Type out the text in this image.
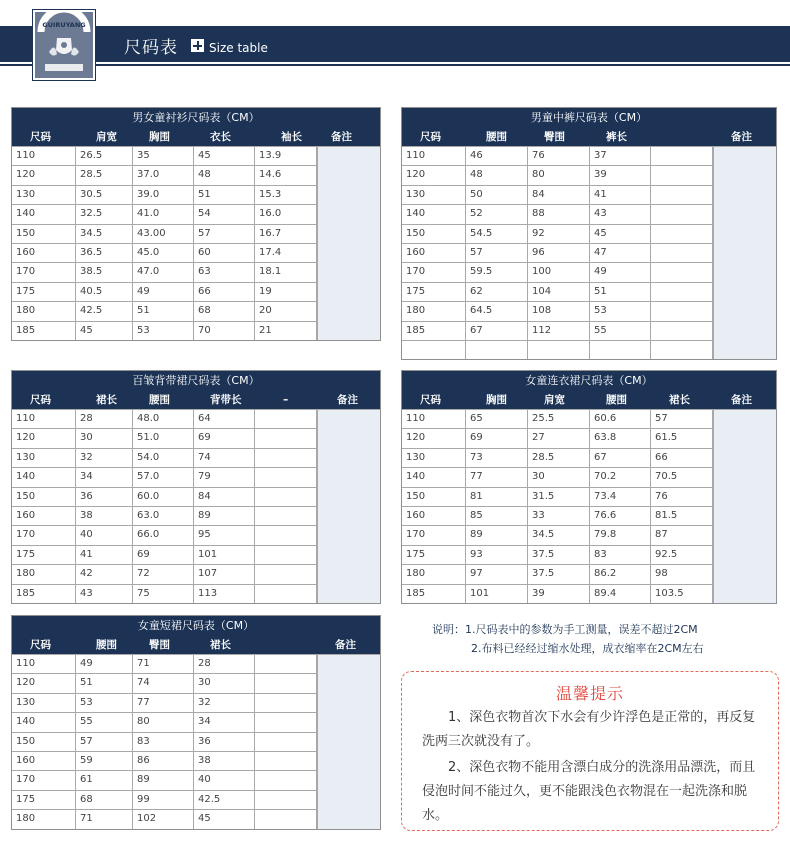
GUIRUYANG
尺码表	Size table
男女童衬衫尺码表（CM）
尺码	肩宽	胸围	衣长	袖长	备注
110	26.5	35	45	13.9
120	28.5	37.0	48	14.6
130	30.5	39.0	51	15.3
140	32.5	41.0	54	16.0
150	34.5	43.00	57	16.7
160	36.5	45.0	60	17.4
170	38.5	47.0	63	18.1
175	40.5	49	66	19
180	42.5	51	68	20
185	45	53	70	21
男童中裤尺码表（CM）
尺码	腰围	臀围	裤长	备注
110	46	76	37
120	48	80	39
130	50	84	41
140	52	88	43
150	54.5	92	45
160	57	96	47
170	59.5	100	49
175	62	104	51
180	64.5	108	53
185	67	112	55
百皱背带裙尺码表（CM）
尺码	裙长	腰围	背带长	–	备注
110	28	48.0	64
120	30	51.0	69
130	32	54.0	74
140	34	57.0	79
150	36	60.0	84
160	38	63.0	89
170	40	66.0	95
175	41	69	101
180	42	72	107
185	43	75	113
女童连衣裙尺码表（CM）
尺码	胸围	肩宽	腰围	裙长	备注
110	65	25.5	60.6	57
120	69	27	63.8	61.5
130	73	28.5	67	66
140	77	30	70.2	70.5
150	81	31.5	73.4	76
160	85	33	76.6	81.5
170	89	34.5	79.8	87
175	93	37.5	83	92.5
180	97	37.5	86.2	98
185	101	39	89.4	103.5
女童短裙尺码表（CM）
尺码	腰围	臀围	裙长	备注
110	49	71	28
120	51	74	30
130	53	77	32
140	55	80	34
150	57	83	36
160	59	86	38
170	61	89	40
175	68	99	42.5
180	71	102	45
说明：1.尺码表中的参数为手工测量，误差不超过2CM
2.布料已经经过缩水处理，成衣缩率在2CM左右
温馨提示

1、深色衣物首次下水会有少许浮色是正常的，再反复洗两三次就没有了。

2、深色衣物不能用含漂白成分的洗涤用品漂洗，而且侵泡时间不能过久，更不能跟浅色衣物混在一起洗涤和脱水。
